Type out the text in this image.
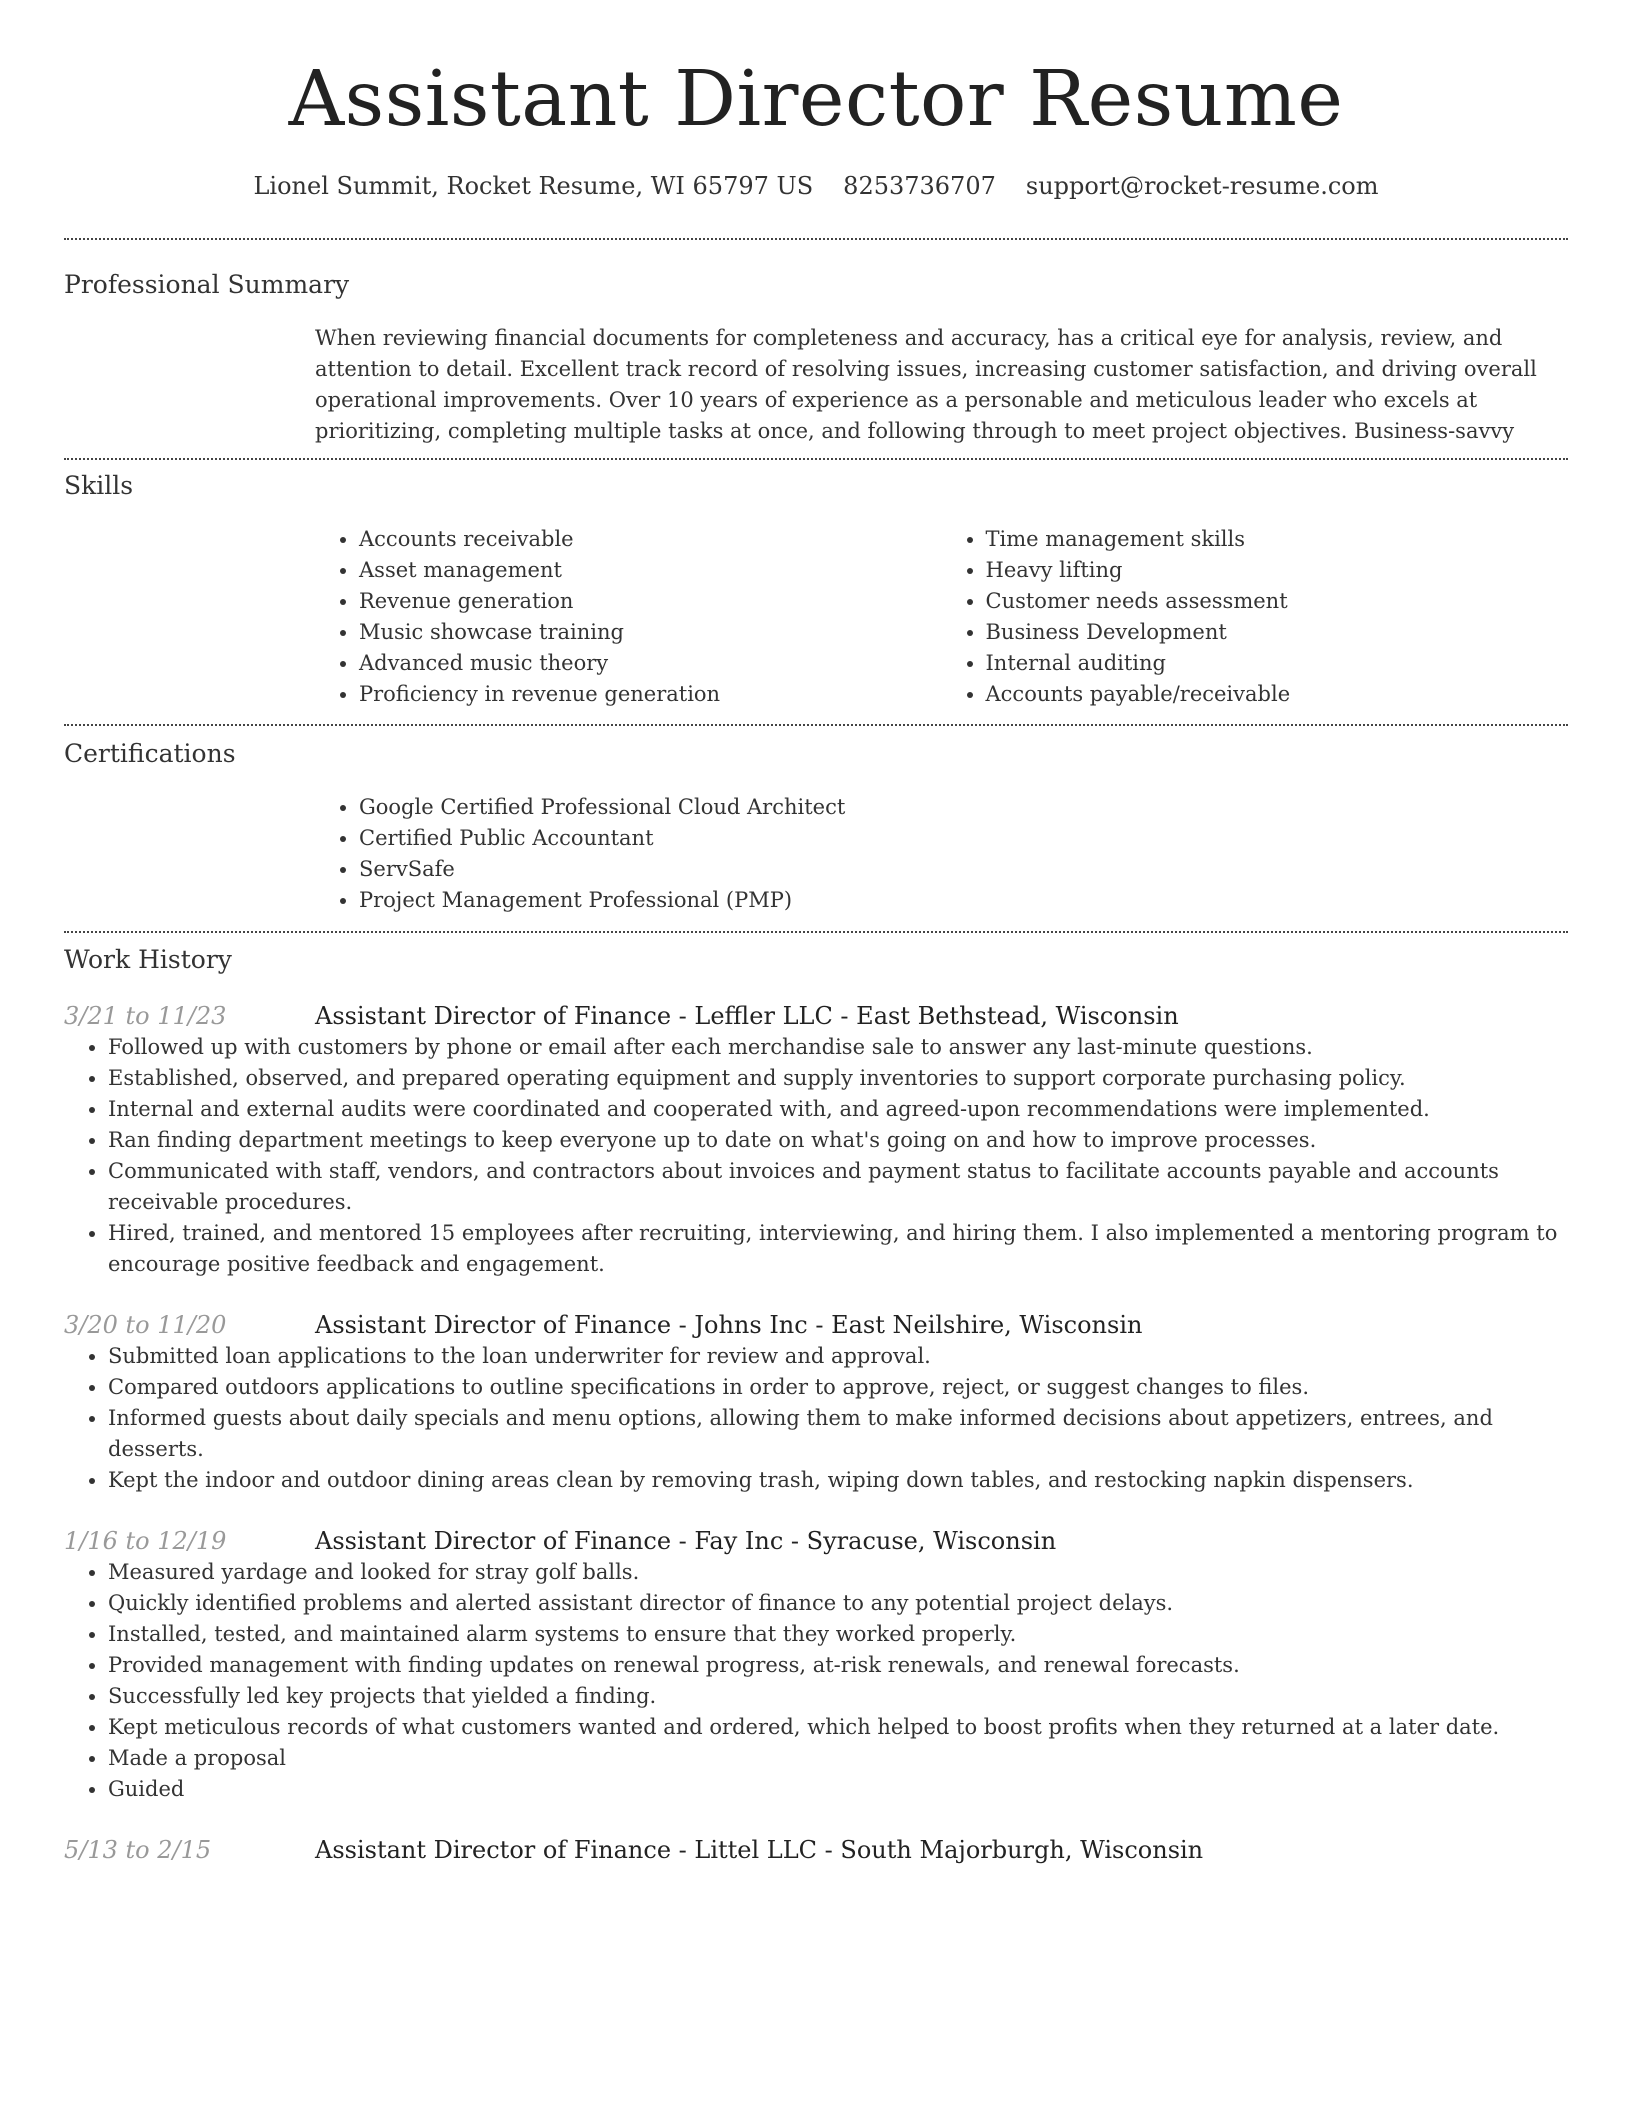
Assistant Director Resume
Lionel Summit, Rocket Resume, WI 65797 US 8253736707 support@rocket-resume.com
Professional Summary

When reviewing financial documents for completeness and accuracy, has a critical eye for analysis, review, and attention to detail. Excellent track record of resolving issues, increasing customer satisfaction, and driving overall operational improvements. Over 10 years of experience as a personable and meticulous leader who excels at prioritizing, completing multiple tasks at once, and following through to meet project objectives. Business-savvy

Skills
• Accounts receivable
• Asset management
• Revenue generation
• Music showcase training
• Advanced music theory
• Proficiency in revenue generation
• Time management skills
• Heavy lifting
• Customer needs assessment
• Business Development
• Internal auditing
• Accounts payable/receivable
Certifications
• Google Certified Professional Cloud Architect
• Certified Public Accountant
• ServSafe
• Project Management Professional (PMP)
Work History
3/21 to 11/23	Assistant Director of Finance - Leffler LLC - East Bethstead, Wisconsin
• Followed up with customers by phone or email after each merchandise sale to answer any last-minute questions.
• Established, observed, and prepared operating equipment and supply inventories to support corporate purchasing policy.
• Internal and external audits were coordinated and cooperated with, and agreed-upon recommendations were implemented.
• Ran finding department meetings to keep everyone up to date on what's going on and how to improve processes.
• Communicated with staff, vendors, and contractors about invoices and payment status to facilitate accounts payable and accounts receivable procedures.
• Hired, trained, and mentored 15 employees after recruiting, interviewing, and hiring them. I also implemented a mentoring program to encourage positive feedback and engagement.
3/20 to 11/20	Assistant Director of Finance - Johns Inc - East Neilshire, Wisconsin
• Submitted loan applications to the loan underwriter for review and approval.
• Compared outdoors applications to outline specifications in order to approve, reject, or suggest changes to files.
• Informed guests about daily specials and menu options, allowing them to make informed decisions about appetizers, entrees, and desserts.
• Kept the indoor and outdoor dining areas clean by removing trash, wiping down tables, and restocking napkin dispensers.
1/16 to 12/19	Assistant Director of Finance - Fay Inc - Syracuse, Wisconsin
• Measured yardage and looked for stray golf balls.
• Quickly identified problems and alerted assistant director of finance to any potential project delays.
• Installed, tested, and maintained alarm systems to ensure that they worked properly.
• Provided management with finding updates on renewal progress, at-risk renewals, and renewal forecasts.
• Successfully led key projects that yielded a finding.
• Kept meticulous records of what customers wanted and ordered, which helped to boost profits when they returned at a later date.
• Made a proposal
• Guided
5/13 to 2/15	Assistant Director of Finance - Littel LLC - South Majorburgh, Wisconsin
